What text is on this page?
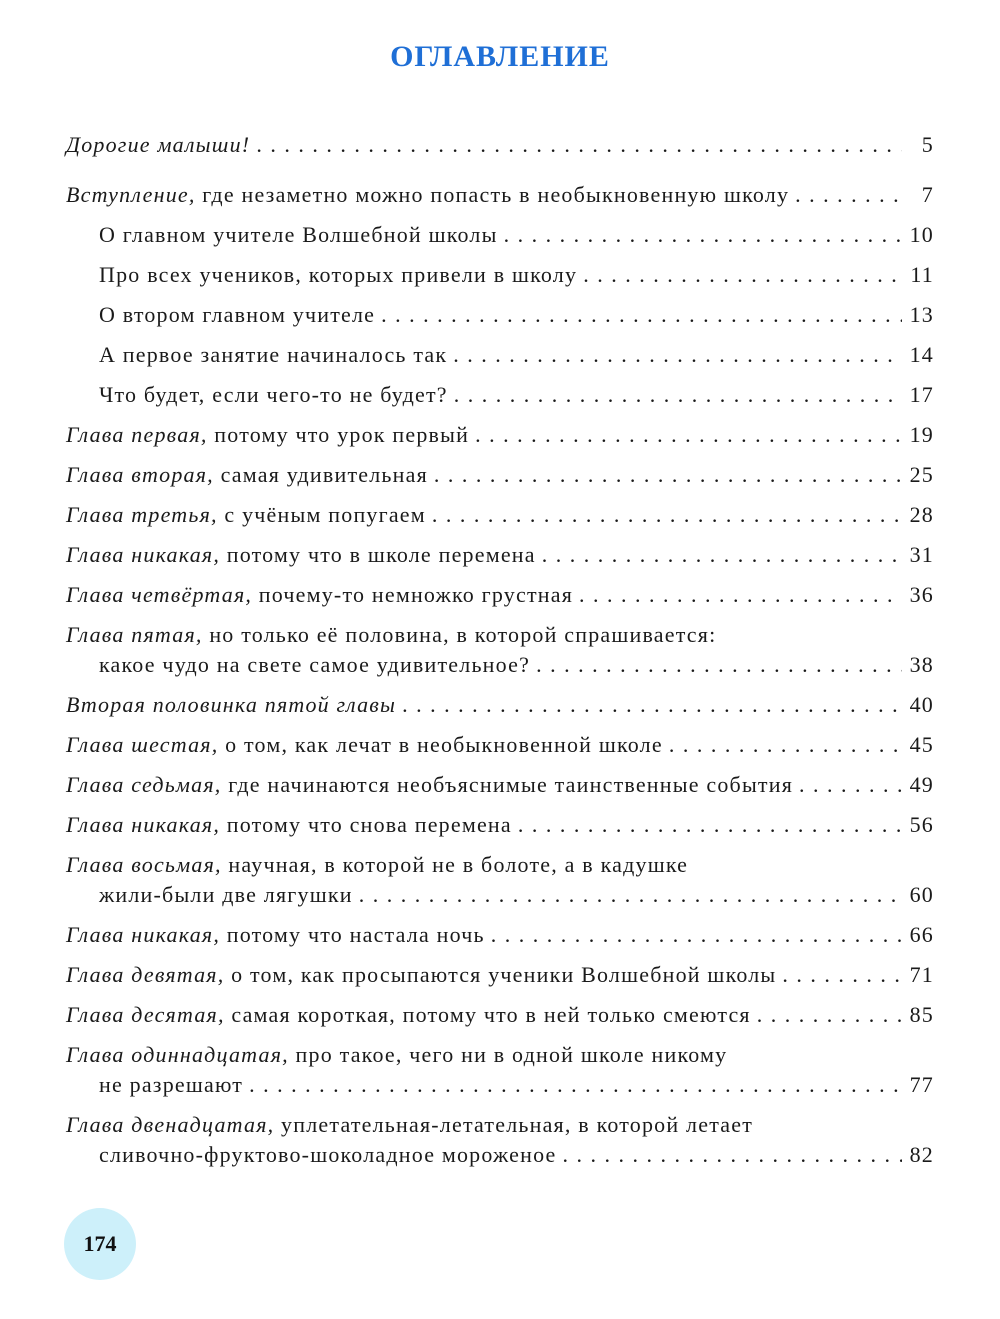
ОГЛАВЛЕНИЕ
Дорогие малыши! . . .	5
Вступление, где незаметно можно попасть в необыкновенную школу . . .	7
О главном учителе Волшебной школы . . .	10
Про всех учеников, которых привели в школу . . .	11
О втором главном учителе . . .	13
А первое занятие начиналось так . . .	14
Что будет, если чего-то не будет? . . .	17
Глава первая, потому что урок первый . . .	19
Глава вторая, самая удивительная . . .	25
Глава третья, с учёным попугаем . . .	28
Глава никакая, потому что в школе перемена . . .	31
Глава четвёртая, почему-то немножко грустная . . .	36
Глава пятая, но только её половина, в которой спрашивается:
какое чудо на свете самое удивительное? . . .	38
Вторая половинка пятой главы . . .	40
Глава шестая, о том, как лечат в необыкновенной школе . . .	45
Глава седьмая, где начинаются необъяснимые таинственные события . . .	49
Глава никакая, потому что снова перемена . . .	56
Глава восьмая, научная, в которой не в болоте, а в кадушке
жили-были две лягушки . . .	60
Глава никакая, потому что настала ночь . . .	66
Глава девятая, о том, как просыпаются ученики Волшебной школы . . .	71
Глава десятая, самая короткая, потому что в ней только смеются . . .	85
Глава одиннадцатая, про такое, чего ни в одной школе никому
не разрешают . . .	77
Глава двенадцатая, уплетательная-летательная, в которой летает
сливочно-фруктово-шоколадное мороженое . . .	82
174
